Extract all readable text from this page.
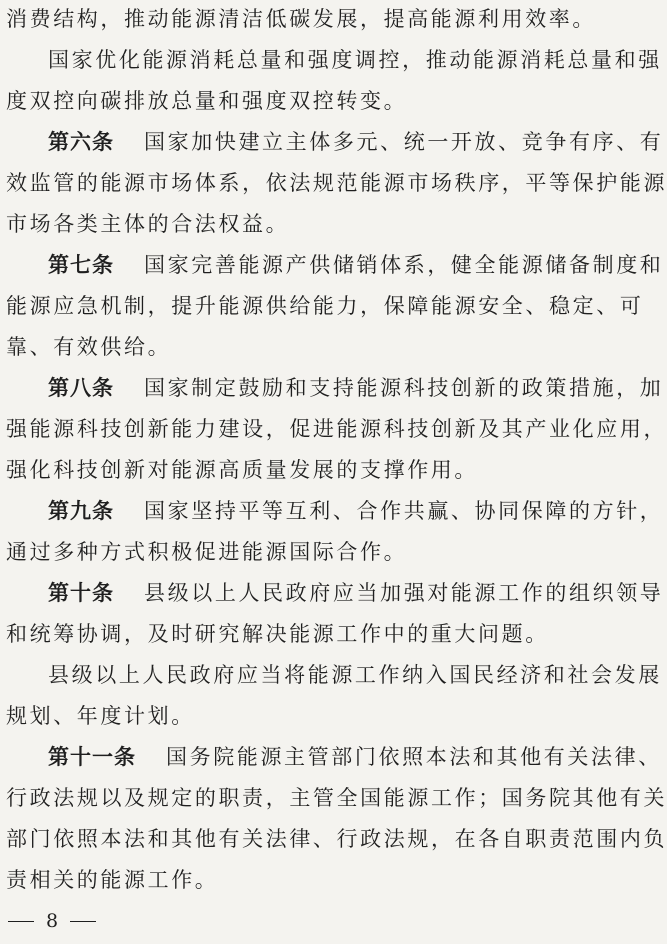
消费结构，推动能源清洁低碳发展，提高能源利用效率。
国 家 优 化 能 源 消 耗 总 量 和 强 度 调 控 ， 推 动 能 源 消 耗 总 量 和 强
度双控向碳排放总量和强度双控转变。
第六条 国 家 加 快 建 立 主 体 多 元 、 统 一 开 放 、 竞 争 有 序 、 有
效 监 管 的 能 源 市 场 体 系 ， 依 法 规 范 能 源 市 场 秩 序 ， 平 等 保 护 能 源
市场各类主体的合法权益。
第七条 国 家 完 善 能 源 产 供 储 销 体 系 ， 健 全 能 源 储 备 制 度 和
能 源 应 急 机 制 ， 提 升 能 源 供 给 能 力 ， 保 障 能 源 安 全 、 稳 定 、 可
靠、有效供给。
第八条 国 家 制 定 鼓 励 和 支 持 能 源 科 技 创 新 的 政 策 措 施 ， 加
强 能 源 科 技 创 新 能 力 建 设 ， 促 进 能 源 科 技 创 新 及 其 产 业 化 应 用 ，
强化科技创新对能源高质量发展的支撑作用。
第九条 国 家 坚 持 平 等 互 利 、 合 作 共 赢 、 协 同 保 障 的 方 针 ，
通过多种方式积极促进能源国际合作。
第十条 县 级 以 上 人 民 政 府 应 当 加 强 对 能 源 工 作 的 组 织 领 导
和统筹协调，及时研究解决能源工作中的重大问题。
县 级 以 上 人 民 政 府 应 当 将 能 源 工 作 纳 入 国 民 经 济 和 社 会 发 展
规划、年度计划。
第十一条 国 务 院 能 源 主 管 部 门 依 照 本 法 和 其 他 有 关 法 律 、
行 政 法 规 以 及 规 定 的 职 责 ， 主 管 全 国 能 源 工 作 ； 国 务 院 其 他 有 关
部 门 依 照 本 法 和 其 他 有 关 法 律 、 行 政 法 规 ， 在 各 自 职 责 范 围 内 负
责相关的能源工作。
8
